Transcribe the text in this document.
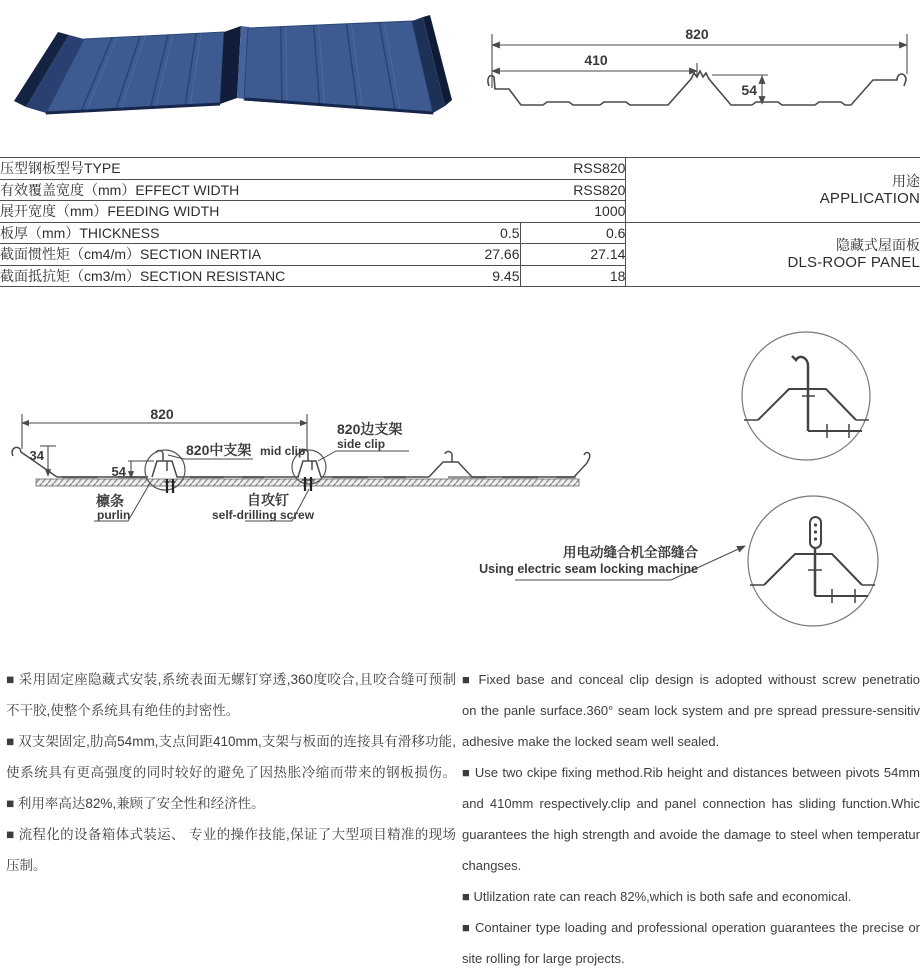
820
410
54
压型钢板型号TYPE	RSS820		用途
APPLICATION

有效覆盖宽度（mm）EFFECT WIDTH	RSS820		
展开宽度（mm）FEEDING WIDTH	1000		
板厚（mm）THICKNESS	0.5	0.6	隐藏式屋面板
DLS-ROOF PANEL

截面惯性矩（cm4/m）SECTION INERTIA	27.66	27.14	
截面抵抗矩（cm3/m）SECTION RESISTANC	9.45	18	
820
34
54
820中支架 mid clip
820边支架
side clip
檩条
purlin
自攻钉
self-drilling screw
用电动缝合机全部缝合
Using electric seam locking machine
■ 采用固定座隐藏式安装,系统表面无螺钉穿透,360度咬合,且咬合缝可预制
不干胶,使整个系统具有绝佳的封密性。
■ 双支架固定,肋高54mm,支点间距410mm,支架与板面的连接具有滑移功能,
使系统具有更高强度的同时较好的避免了因热胀冷缩而带来的钢板损伤。
■ 利用率高达82%,兼顾了安全性和经济性。
■ 流程化的设备箱体式装运、 专业的操作技能,保证了大型项目精准的现场
压制。
■ Fixed base and conceal clip design is adopted withoust screw penetratio
on the panle surface.360° seam lock system and pre spread pressure-sensitiv
adhesive make the locked seam well sealed.
■ Use two ckipe fixing method.Rib height and distances between pivots 54mm
and 410mm respectively.clip and panel connection has sliding function.Whic
guarantees the high strength and avoide the damage to steel when temperatur
changses.
■ Utlilzation rate can reach 82%,which is both safe and economical.
■ Container type loading and professional operation guarantees the precise or
site rolling for large projects.
